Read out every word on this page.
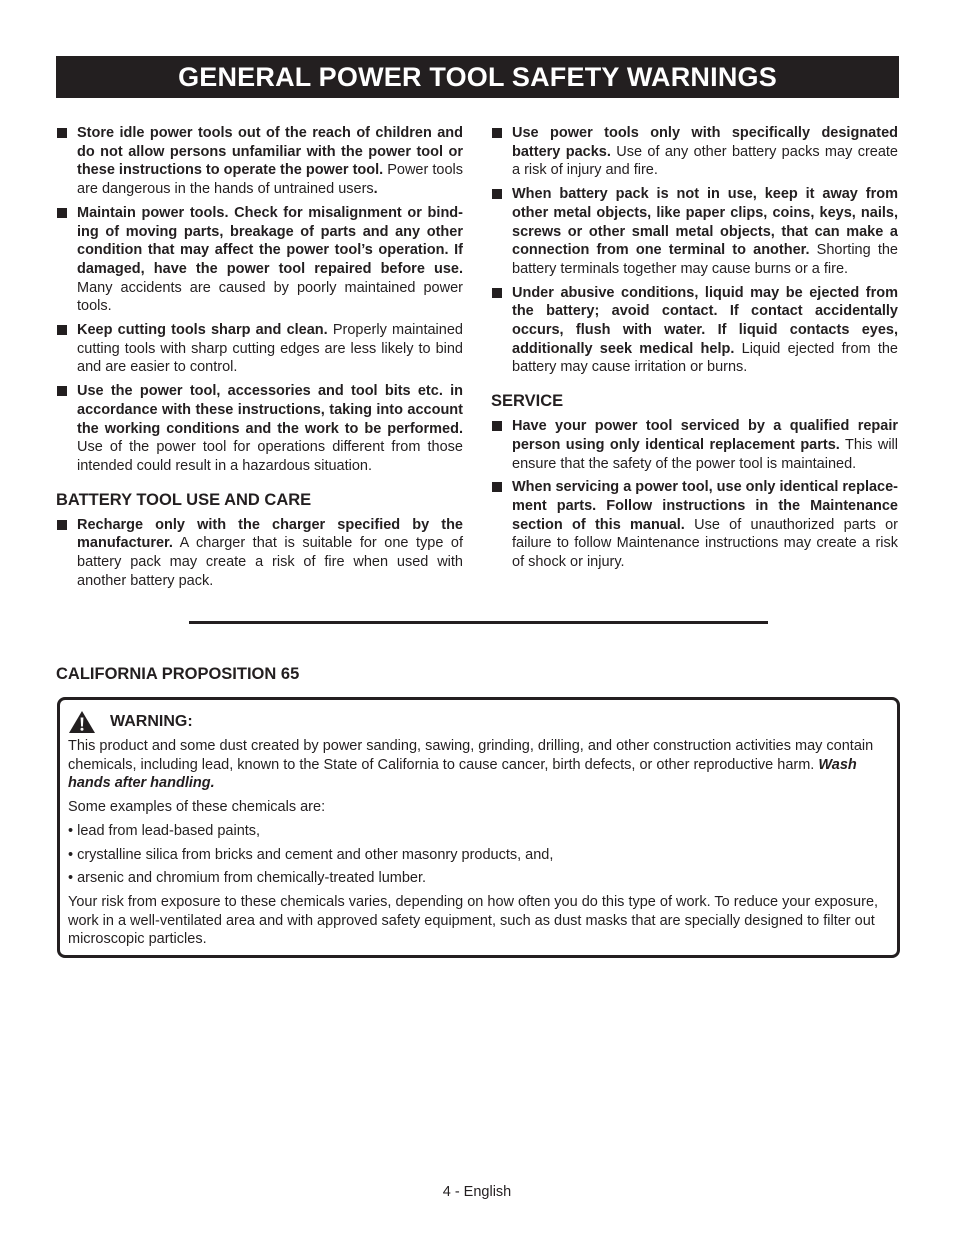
GENERAL POWER TOOL SAFETY WARNINGS
Store idle power tools out of the reach of children and do not allow persons unfamiliar with the power tool or these instructions to operate the power tool. Power tools are dangerous in the hands of untrained users.
Maintain power tools. Check for misalignment or bind-ing of moving parts, breakage of parts and any other condition that may affect the power tool’s operation. If damaged, have the power tool repaired before use. Many accidents are caused by poorly maintained power tools.
Keep cutting tools sharp and clean. Properly maintained cutting tools with sharp cutting edges are less likely to bind and are easier to control.
Use the power tool, accessories and tool bits etc. in accordance with these instructions, taking into account the working conditions and the work to be performed. Use of the power tool for operations different from those intended could result in a hazardous situation.
BATTERY TOOL USE AND CARE
Recharge only with the charger specified by the manufacturer. A charger that is suitable for one type of battery pack may create a risk of fire when used with another battery pack.
Use power tools only with specifically designated battery packs. Use of any other battery packs may create a risk of injury and fire.
When battery pack is not in use, keep it away from other metal objects, like paper clips, coins, keys, nails, screws or other small metal objects, that can make a connection from one terminal to another. Shorting the battery terminals together may cause burns or a fire.
Under abusive conditions, liquid may be ejected from the battery; avoid contact. If contact accidentally occurs, flush with water. If liquid contacts eyes, additionally seek medical help. Liquid ejected from the battery may cause irritation or burns.
SERVICE
Have your power tool serviced by a qualified repair person using only identical replacement parts. This will ensure that the safety of the power tool is maintained.
When servicing a power tool, use only identical replace-ment parts. Follow instructions in the Maintenance section of this manual. Use of unauthorized parts or failure to follow Maintenance instructions may create a risk of shock or injury.
CALIFORNIA PROPOSITION 65
WARNING:

This product and some dust created by power sanding, sawing, grinding, drilling, and other construction activities may contain chemicals, including lead, known to the State of California to cause cancer, birth defects, or other reproductive harm. Wash hands after handling.

Some examples of these chemicals are:

• lead from lead-based paints,

• crystalline silica from bricks and cement and other masonry products, and,

• arsenic and chromium from chemically-treated lumber.

Your risk from exposure to these chemicals varies, depending on how often you do this type of work. To reduce your exposure, work in a well-ventilated area and with approved safety equipment, such as dust masks that are specially designed to filter out microscopic particles.

4 - English
